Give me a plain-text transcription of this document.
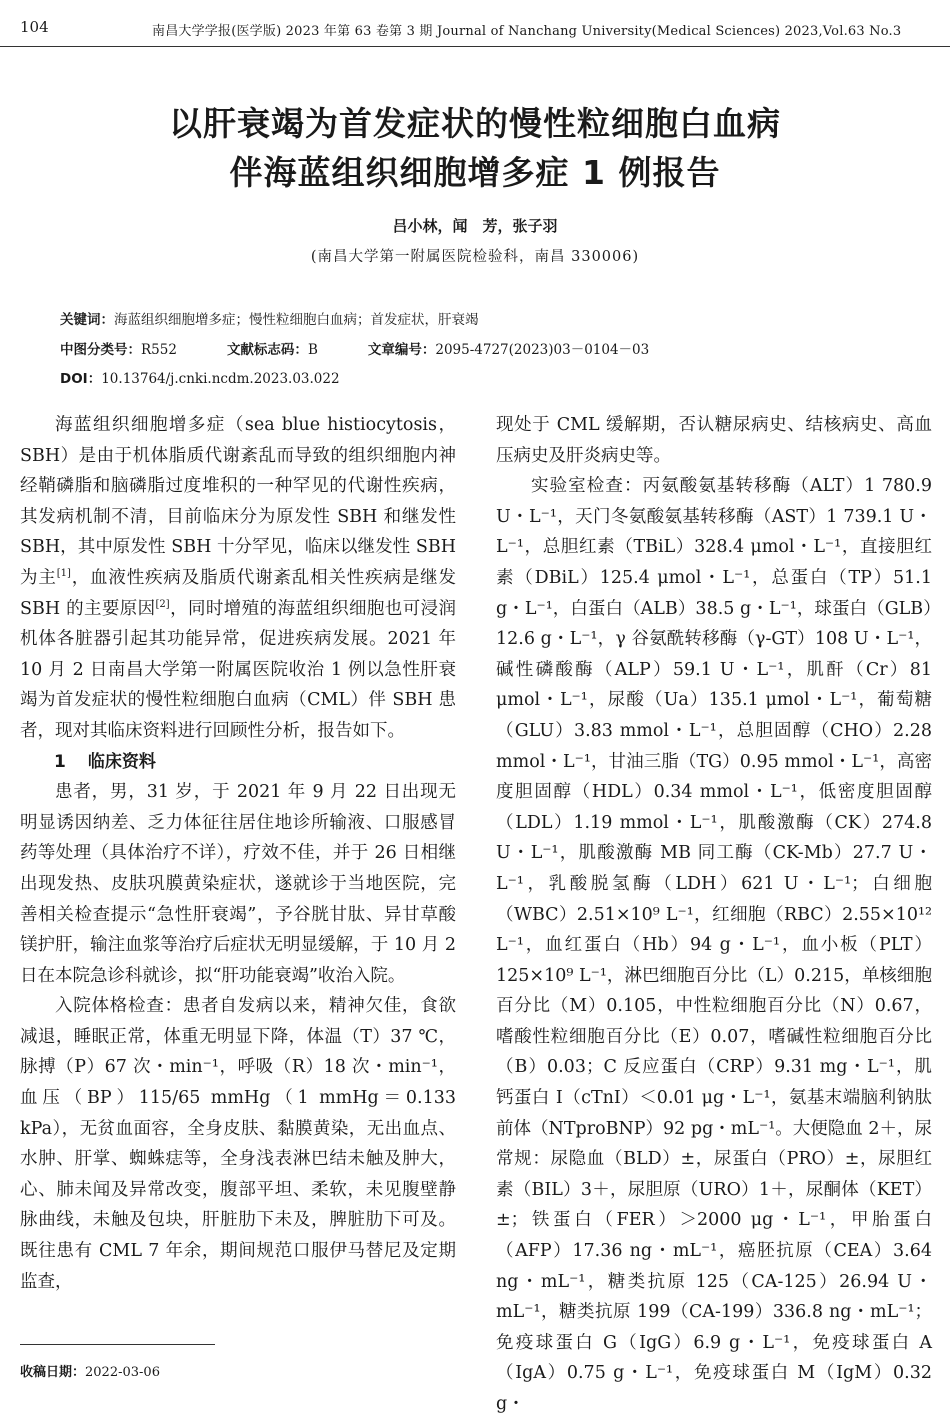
104	南昌大学学报(医学版) 2023 年第 63 卷第 3 期 Journal of Nanchang University(Medical Sciences) 2023,Vol.63 No.3
以肝衰竭为首发症状的慢性粒细胞白血病
伴海蓝组织细胞增多症 1 例报告
吕小林，闻　芳，张子羽
(南昌大学第一附属医院检验科，南昌 330006)
关键词：海蓝组织细胞增多症；慢性粒细胞白血病；首发症状，肝衰竭
中图分类号：R552	文献标志码：B	文章编号：2095-4727(2023)03－0104－03
DOI：10.13764/j.cnki.ncdm.2023.03.022

海蓝组织细胞增多症（sea blue histiocytosis，SBH）是由于机体脂质代谢紊乱而导致的组织细胞内神经鞘磷脂和脑磷脂过度堆积的一种罕见的代谢性疾病，其发病机制不清，目前临床分为原发性 SBH 和继发性 SBH，其中原发性 SBH 十分罕见，临床以继发性 SBH 为主[1]，血液性疾病及脂质代谢紊乱相关性疾病是继发 SBH 的主要原因[2]，同时增殖的海蓝组织细胞也可浸润机体各脏器引起其功能异常，促进疾病发展。2021 年 10 月 2 日南昌大学第一附属医院收治 1 例以急性肝衰竭为首发症状的慢性粒细胞白血病（CML）伴 SBH 患者，现对其临床资料进行回顾性分析，报告如下。

1 临床资料

患者，男，31 岁，于 2021 年 9 月 22 日出现无明显诱因纳差、乏力体征往居住地诊所输液、口服感冒药等处理（具体治疗不详），疗效不佳，并于 26 日相继出现发热、皮肤巩膜黄染症状，遂就诊于当地医院，完善相关检查提示“急性肝衰竭”，予谷胱甘肽、异甘草酸镁护肝，输注血浆等治疗后症状无明显缓解，于 10 月 2 日在本院急诊科就诊，拟“肝功能衰竭”收治入院。

入院体格检查：患者自发病以来，精神欠佳，食欲减退，睡眠正常，体重无明显下降，体温（T）37 ℃，脉搏（P）67 次・min⁻¹，呼吸（R）18 次・min⁻¹，血压（BP）115/65 mmHg（1 mmHg＝0.133 kPa），无贫血面容，全身皮肤、黏膜黄染，无出血点、水肿、肝掌、蜘蛛痣等，全身浅表淋巴结未触及肿大，心、肺未闻及异常改变，腹部平坦、柔软，未见腹壁静脉曲线，未触及包块，肝脏肋下未及，脾脏肋下可及。既往患有 CML 7 年余，期间规范口服伊马替尼及定期监查，

现处于 CML 缓解期，否认糖尿病史、结核病史、高血压病史及肝炎病史等。

实验室检查：丙氨酸氨基转移酶（ALT）1 780.9 U・L⁻¹，天门冬氨酸氨基转移酶（AST）1 739.1 U・L⁻¹，总胆红素（TBiL）328.4 μmol・L⁻¹，直接胆红素（DBiL）125.4 μmol・L⁻¹，总蛋白（TP）51.1 g・L⁻¹，白蛋白（ALB）38.5 g・L⁻¹，球蛋白（GLB）12.6 g・L⁻¹，γ 谷氨酰转移酶（γ-GT）108 U・L⁻¹，碱性磷酸酶（ALP）59.1 U・L⁻¹，肌酐（Cr）81 μmol・L⁻¹，尿酸（Ua）135.1 μmol・L⁻¹，葡萄糖（GLU）3.83 mmol・L⁻¹，总胆固醇（CHO）2.28 mmol・L⁻¹，甘油三脂（TG）0.95 mmol・L⁻¹，高密度胆固醇（HDL）0.34 mmol・L⁻¹，低密度胆固醇（LDL）1.19 mmol・L⁻¹，肌酸激酶（CK）274.8 U・L⁻¹，肌酸激酶 MB 同工酶（CK-Mb）27.7 U・L⁻¹，乳酸脱氢酶（LDH）621 U・L⁻¹；白细胞（WBC）2.51×10⁹ L⁻¹，红细胞（RBC）2.55×10¹² L⁻¹，血红蛋白（Hb）94 g・L⁻¹，血小板（PLT）125×10⁹ L⁻¹，淋巴细胞百分比（L）0.215，单核细胞百分比（M）0.105，中性粒细胞百分比（N）0.67，嗜酸性粒细胞百分比（E）0.07，嗜碱性粒细胞百分比（B）0.03；C 反应蛋白（CRP）9.31 mg・L⁻¹，肌钙蛋白 I（cTnI）＜0.01 μg・L⁻¹，氨基末端脑利钠肽前体（NTproBNP）92 pg・mL⁻¹。大便隐血 2＋，尿常规：尿隐血（BLD）±，尿蛋白（PRO）±，尿胆红素（BIL）3＋，尿胆原（URO）1＋，尿酮体（KET）±；铁蛋白（FER）＞2000 μg・L⁻¹，甲胎蛋白（AFP）17.36 ng・mL⁻¹，癌胚抗原（CEA）3.64 ng・mL⁻¹，糖类抗原 125（CA-125）26.94 U・mL⁻¹，糖类抗原 199（CA-199）336.8 ng・mL⁻¹；免疫球蛋白 G（IgG）6.9 g・L⁻¹，免疫球蛋白 A（IgA）0.75 g・L⁻¹，免疫球蛋白 M（IgM）0.32 g・

收稿日期：2022-03-06
